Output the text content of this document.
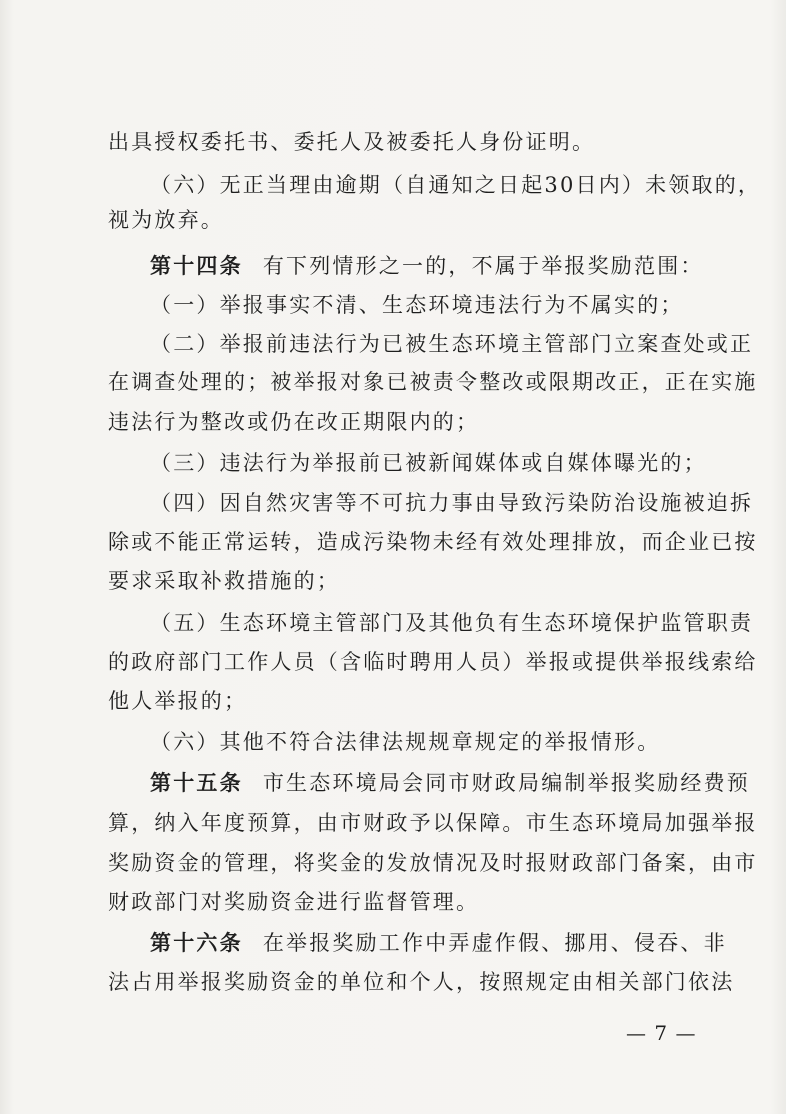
出具授权委托书、委托人及被委托人身份证明。
（六）无正当理由逾期（自通知之日起30日内）未领取的，
视为放弃。
第十四条 有下列情形之一的，不属于举报奖励范围：
（一）举报事实不清、生态环境违法行为不属实的；
（二）举报前违法行为已被生态环境主管部门立案查处或正
在调查处理的；被举报对象已被责令整改或限期改正，正在实施
违法行为整改或仍在改正期限内的；
（三）违法行为举报前已被新闻媒体或自媒体曝光的；
（四）因自然灾害等不可抗力事由导致污染防治设施被迫拆
除或不能正常运转，造成污染物未经有效处理排放，而企业已按
要求采取补救措施的；
（五）生态环境主管部门及其他负有生态环境保护监管职责
的政府部门工作人员（含临时聘用人员）举报或提供举报线索给
他人举报的；
（六）其他不符合法律法规规章规定的举报情形。
第十五条 市生态环境局会同市财政局编制举报奖励经费预
算，纳入年度预算，由市财政予以保障。市生态环境局加强举报
奖励资金的管理，将奖金的发放情况及时报财政部门备案，由市
财政部门对奖励资金进行监督管理。
第十六条 在举报奖励工作中弄虚作假、挪用、侵吞、非
法占用举报奖励资金的单位和个人，按照规定由相关部门依法
— 7 —
